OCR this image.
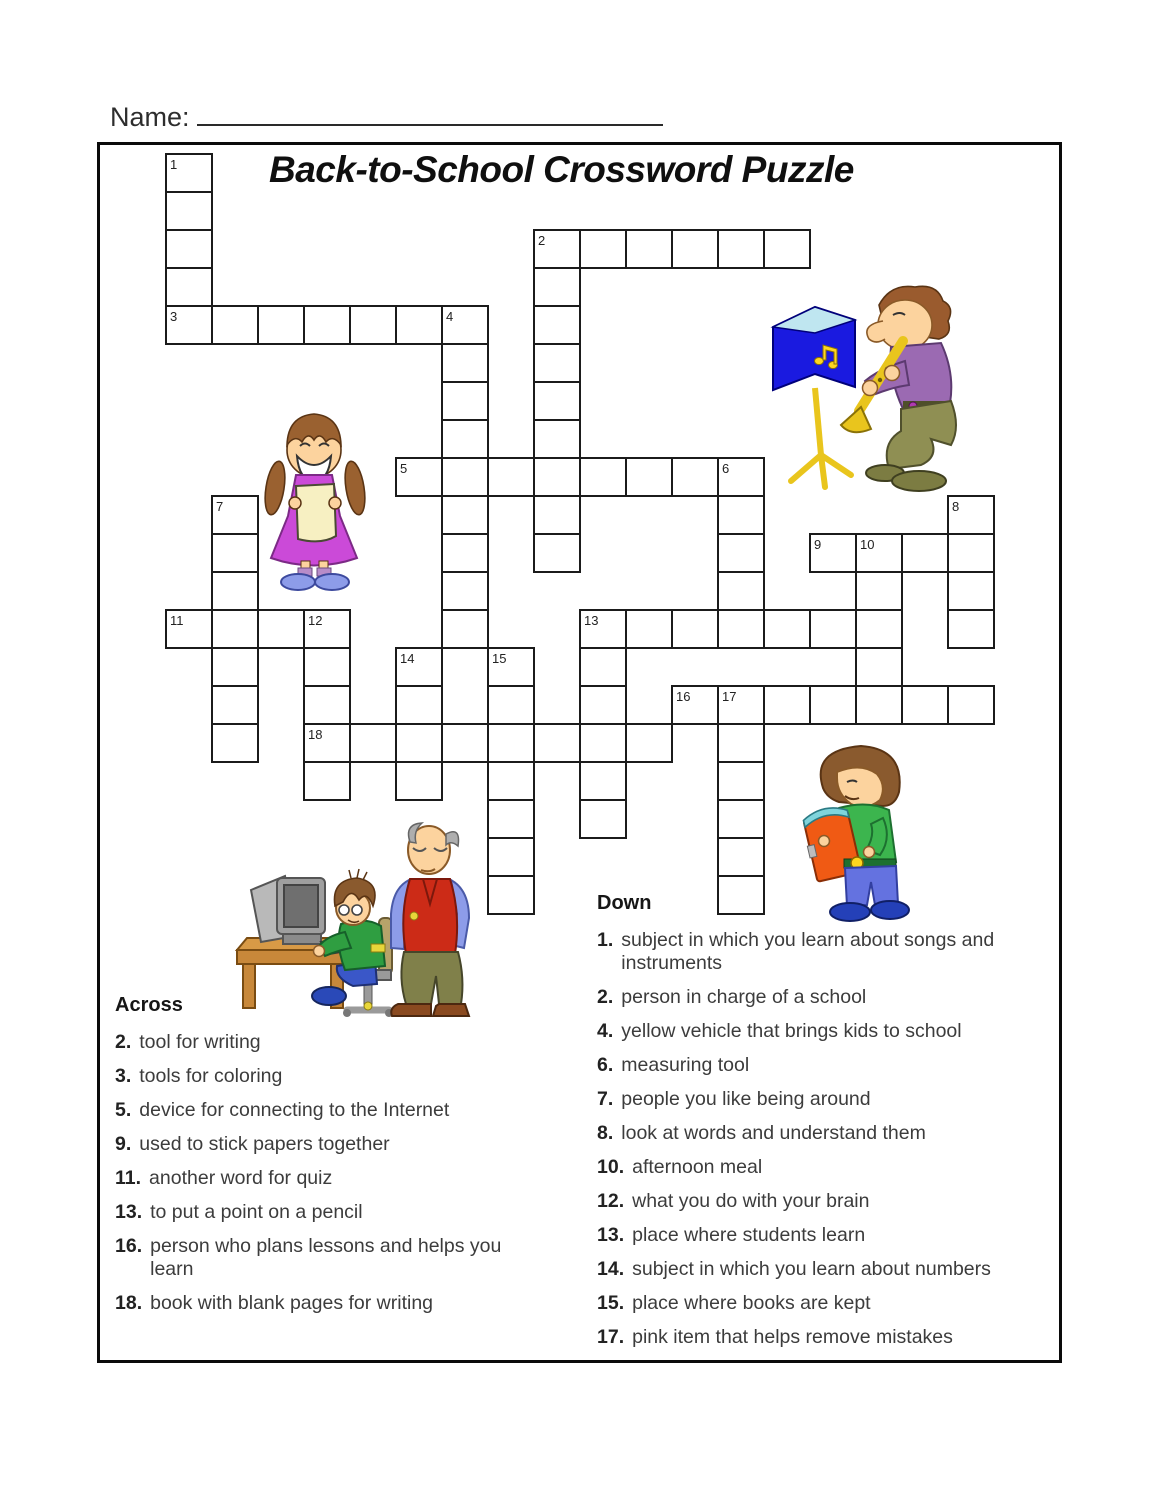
Name:
Back-to-School Crossword Puzzle
1
3
2
4
5	6
7	8
9	10
11	12
18
13
14	15
16	17
Across
2. tool for writing
3. tools for coloring
5. device for connecting to the Internet
9. used to stick papers together
11. another word for quiz
13. to put a point on a pencil
16. person who plans lessons and helps you learn
18. book with blank pages for writing
Down
1. subject in which you learn about songs and instruments
2. person in charge of a school
4. yellow vehicle that brings kids to school
6. measuring tool
7. people you like being around
8. look at words and understand them
10. afternoon meal
12. what you do with your brain
13. place where students learn
14. subject in which you learn about numbers
15. place where books are kept
17. pink item that helps remove mistakes
